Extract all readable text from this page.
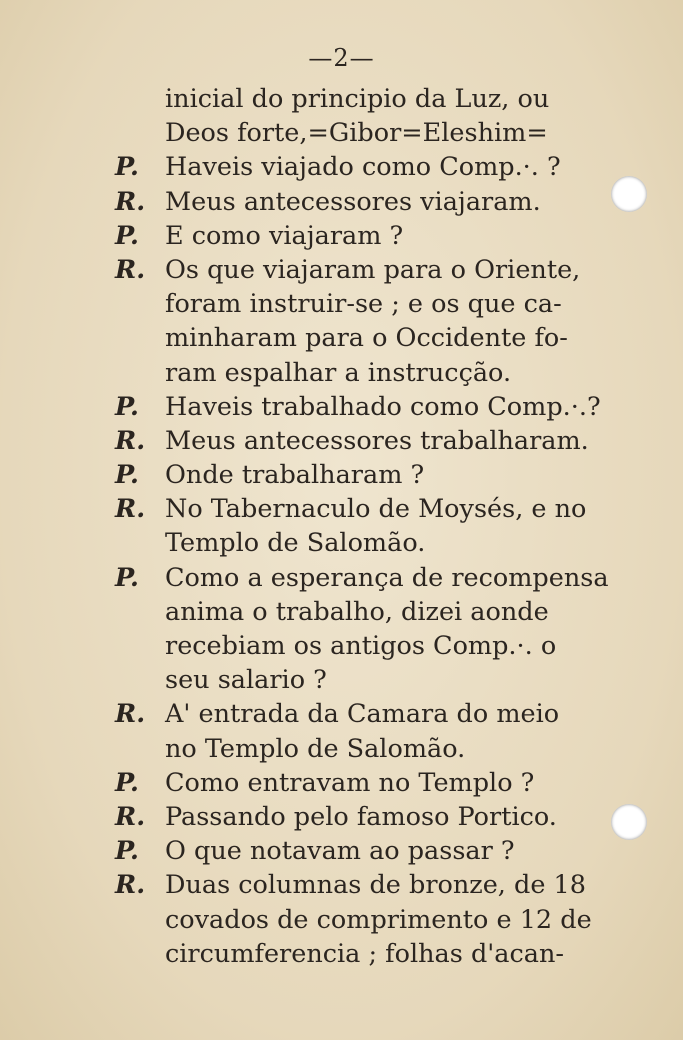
—2—
inicial do principio da Luz, ou
Deos forte,=Gibor=Eleshim=
P.	Haveis viajado como Comp.·. ?
R. Meus antecessores viajaram.
P.	E como viajaram ?
R. Os que viajaram para o Oriente,
foram instruir-se ; e os que ca-
minharam para o Occidente fo-
ram espalhar a instrucção.
P.	Haveis trabalhado como Comp.·.?
R. Meus antecessores trabalharam.
P.	Onde trabalharam ?
R. No Tabernaculo de Moysés, e no
Templo de Salomão.
P.	Como a esperança de recompensa
anima o trabalho, dizei aonde
recebiam os antigos Comp.·. o
seu salario ?
R. A' entrada da Camara do meio
no Templo de Salomão.
P.	Como entravam no Templo ?
R. Passando pelo famoso Portico.
P.	O que notavam ao passar ?
R. Duas columnas de bronze, de 18
covados de comprimento e 12 de
circumferencia ; folhas d'acan-
